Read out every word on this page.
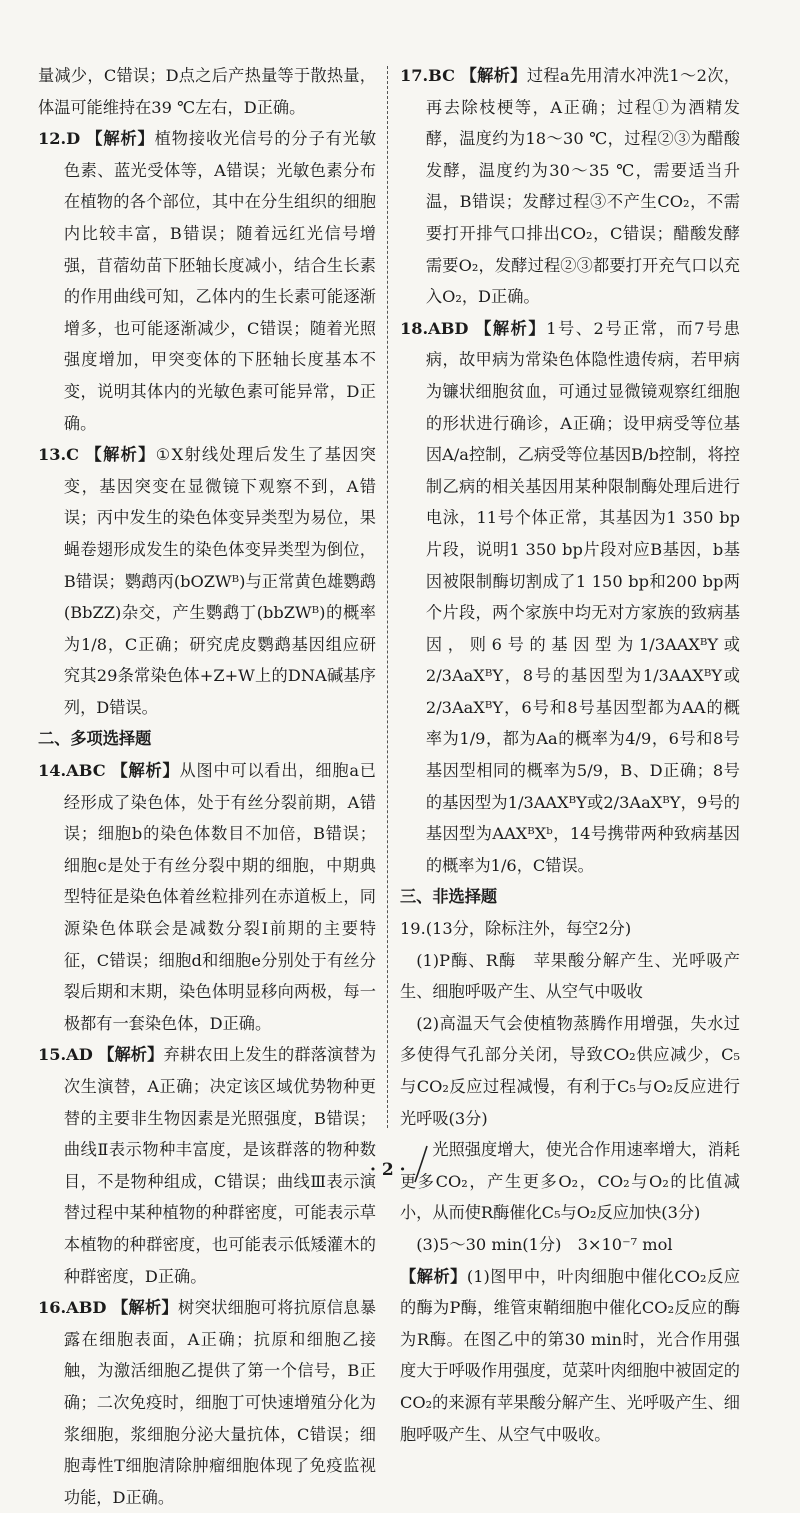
量减少，C错误；D点之后产热量等于散热量，体温可能维持在39 ℃左右，D正确。

12.D 【解析】植物接收光信号的分子有光敏色素、蓝光受体等，A错误；光敏色素分布在植物的各个部位，其中在分生组织的细胞内比较丰富，B错误；随着远红光信号增强，苜蓿幼苗下胚轴长度减小，结合生长素的作用曲线可知，乙体内的生长素可能逐渐增多，也可能逐渐减少，C错误；随着光照强度增加，甲突变体的下胚轴长度基本不变，说明其体内的光敏色素可能异常，D正确。

13.C 【解析】①X射线处理后发生了基因突变，基因突变在显微镜下观察不到，A错误；丙中发生的染色体变异类型为易位，果蝇卷翅形成发生的染色体变异类型为倒位，B错误；鹦鹉丙(bOZWᴮ)与正常黄色雄鹦鹉(BbZZ)杂交，产生鹦鹉丁(bbZWᴮ)的概率为1/8，C正确；研究虎皮鹦鹉基因组应研究其29条常染色体+Z+W上的DNA碱基序列，D错误。

二、多项选择题

14.ABC 【解析】从图中可以看出，细胞a已经形成了染色体，处于有丝分裂前期，A错误；细胞b的染色体数目不加倍，B错误；细胞c是处于有丝分裂中期的细胞，中期典型特征是染色体着丝粒排列在赤道板上，同源染色体联会是减数分裂Ⅰ前期的主要特征，C错误；细胞d和细胞e分别处于有丝分裂后期和末期，染色体明显移向两极，每一极都有一套染色体，D正确。

15.AD 【解析】弃耕农田上发生的群落演替为次生演替，A正确；决定该区域优势物种更替的主要非生物因素是光照强度，B错误；曲线Ⅱ表示物种丰富度，是该群落的物种数目，不是物种组成，C错误；曲线Ⅲ表示演替过程中某种植物的种群密度，可能表示草本植物的种群密度，也可能表示低矮灌木的种群密度，D正确。

16.ABD 【解析】树突状细胞可将抗原信息暴露在细胞表面，A正确；抗原和细胞乙接触，为激活细胞乙提供了第一个信号，B正确；二次免疫时，细胞丁可快速增殖分化为浆细胞，浆细胞分泌大量抗体，C错误；细胞毒性T细胞清除肿瘤细胞体现了免疫监视功能，D正确。

17.BC 【解析】过程a先用清水冲洗1～2次，再去除枝梗等，A正确；过程①为酒精发酵，温度约为18～30 ℃，过程②③为醋酸发酵，温度约为30～35 ℃，需要适当升温，B错误；发酵过程③不产生CO₂，不需要打开排气口排出CO₂，C错误；醋酸发酵需要O₂，发酵过程②③都要打开充气口以充入O₂，D正确。

18.ABD 【解析】1号、2号正常，而7号患病，故甲病为常染色体隐性遗传病，若甲病为镰状细胞贫血，可通过显微镜观察红细胞的形状进行确诊，A正确；设甲病受等位基因A/a控制，乙病受等位基因B/b控制，将控制乙病的相关基因用某种限制酶处理后进行电泳，11号个体正常，其基因为1 350 bp片段，说明1 350 bp片段对应B基因，b基因被限制酶切割成了1 150 bp和200 bp两个片段，两个家族中均无对方家族的致病基因，则6号的基因型为1/3AAXᴮY或2/3AaXᴮY，8号的基因型为1/3AAXᴮY或2/3AaXᴮY，6号和8号基因型都为AA的概率为1/9，都为Aa的概率为4/9，6号和8号基因型相同的概率为5/9，B、D正确；8号的基因型为1/3AAXᴮY或2/3AaXᴮY，9号的基因型为AAXᴮXᵇ，14号携带两种致病基因的概率为1/6，C错误。

三、非选择题

19.(13分，除标注外，每空2分)

(1)P酶、R酶　苹果酸分解产生、光呼吸产生、细胞呼吸产生、从空气中吸收

(2)高温天气会使植物蒸腾作用增强，失水过多使得气孔部分关闭，导致CO₂供应减少，C₅与CO₂反应过程减慢，有利于C₅与O₂反应进行光呼吸(3分)

光照强度增大，使光合作用速率增大，消耗更多CO₂，产生更多O₂，CO₂与O₂的比值减小，从而使R酶催化C₅与O₂反应加快(3分)

(3)5～30 min(1分)　3×10⁻⁷ mol

【解析】(1)图甲中，叶肉细胞中催化CO₂反应的酶为P酶，维管束鞘细胞中催化CO₂反应的酶为R酶。在图乙中的第30 min时，光合作用强度大于呼吸作用强度，苋菜叶肉细胞中被固定的CO₂的来源有苹果酸分解产生、光呼吸产生、细胞呼吸产生、从空气中吸收。

· 2 ·
